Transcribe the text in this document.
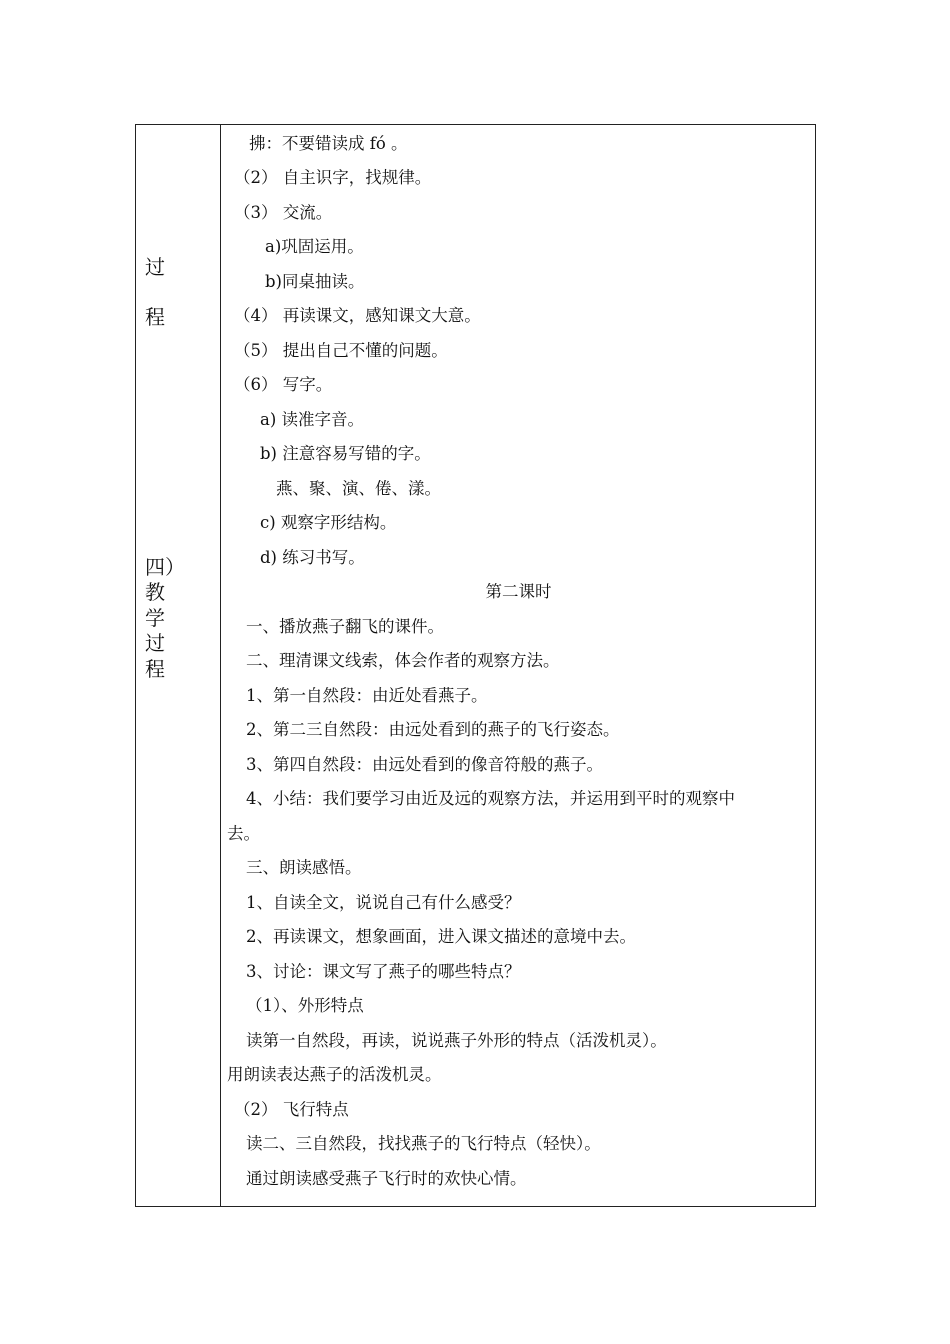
过
程
四）
教
学
过
程
拂：不要错读成 fó 。
（2） 自主识字，找规律。
（3） 交流。
a)巩固运用。
b)同桌抽读。
（4） 再读课文，感知课文大意。
（5） 提出自己不懂的问题。
（6） 写字。
a) 读准字音。
b) 注意容易写错的字。
燕、聚、演、倦、漾。
c) 观察字形结构。
d) 练习书写。
第二课时
一、播放燕子翻飞的课件。
二、理清课文线索，体会作者的观察方法。
1、第一自然段：由近处看燕子。
2、第二三自然段：由远处看到的燕子的飞行姿态。
3、第四自然段：由远处看到的像音符般的燕子。
4、小结：我们要学习由近及远的观察方法，并运用到平时的观察中
去。
三、朗读感悟。
1、自读全文，说说自己有什么感受？
2、再读课文，想象画面，进入课文描述的意境中去。
3、讨论：课文写了燕子的哪些特点？
（1）、外形特点
读第一自然段，再读，说说燕子外形的特点（活泼机灵）。
用朗读表达燕子的活泼机灵。
（2） 飞行特点
读二、三自然段，找找燕子的飞行特点（轻快）。
通过朗读感受燕子飞行时的欢快心情。
